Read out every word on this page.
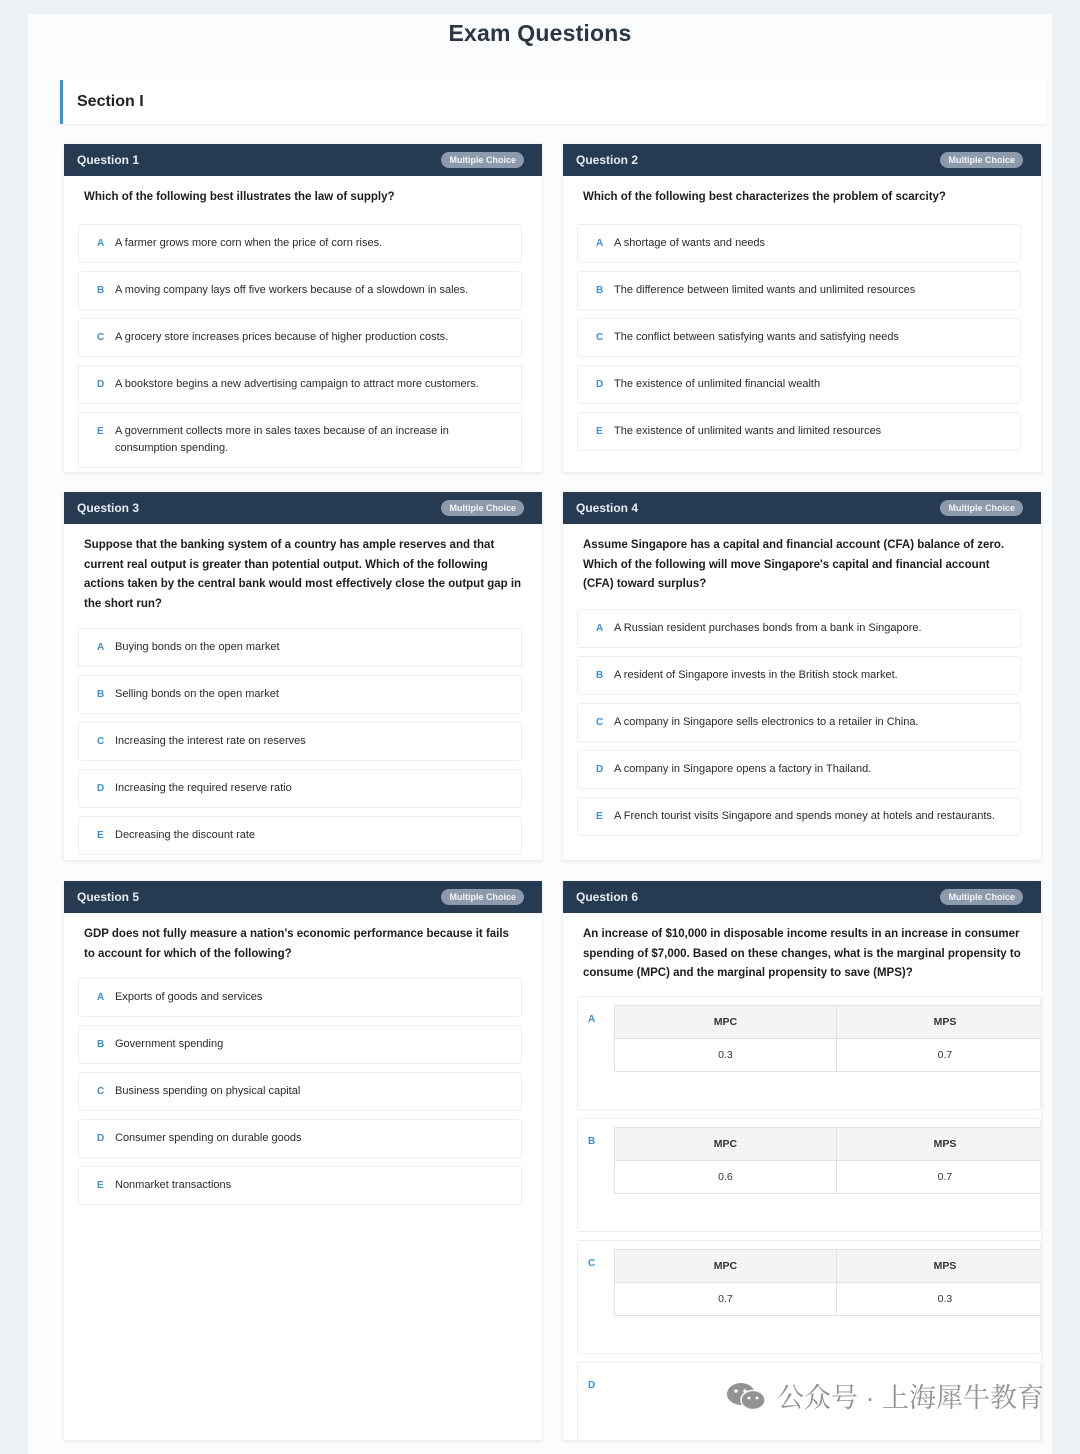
Exam Questions
Section I
Question 1	Multiple Choice
Which of the following best illustrates the law of supply?
A A farmer grows more corn when the price of corn rises.
B A moving company lays off five workers because of a slowdown in sales.
C A grocery store increases prices because of higher production costs.
D A bookstore begins a new advertising campaign to attract more customers.
E	A government collects more in sales taxes because of an increase in consumption spending.
Question 2	Multiple Choice
Which of the following best characterizes the problem of scarcity?
A A shortage of wants and needs
B The difference between limited wants and unlimited resources
C The conflict between satisfying wants and satisfying needs
D The existence of unlimited financial wealth
E	The existence of unlimited wants and limited resources
Question 3	Multiple Choice
Suppose that the banking system of a country has ample reserves and that current real output is greater than potential output. Which of the following actions taken by the central bank would most effectively close the output gap in the short run?
A Buying bonds on the open market
B Selling bonds on the open market
C Increasing the interest rate on reserves
D Increasing the required reserve ratio
E	Decreasing the discount rate
Question 4	Multiple Choice
Assume Singapore has a capital and financial account (CFA) balance of zero. Which of the following will move Singapore's capital and financial account (CFA) toward surplus?
A A Russian resident purchases bonds from a bank in Singapore.
B A resident of Singapore invests in the British stock market.
C A company in Singapore sells electronics to a retailer in China.
D A company in Singapore opens a factory in Thailand.
E	A French tourist visits Singapore and spends money at hotels and restaurants.
Question 5	Multiple Choice
GDP does not fully measure a nation's economic performance because it fails to account for which of the following?
A Exports of goods and services
B Government spending
C Business spending on physical capital
D Consumer spending on durable goods
E	Nonmarket transactions
Question 6	Multiple Choice
An increase of $10,000 in disposable income results in an increase in consumer spending of $7,000. Based on these changes, what is the marginal propensity to consume (MPC) and the marginal propensity to save (MPS)?
A	MPC	MPS
0.3	0.7
B	MPC	MPS
0.6	0.7
C	MPC	MPS
0.7	0.3
D	公众号 · 上海犀牛教育
